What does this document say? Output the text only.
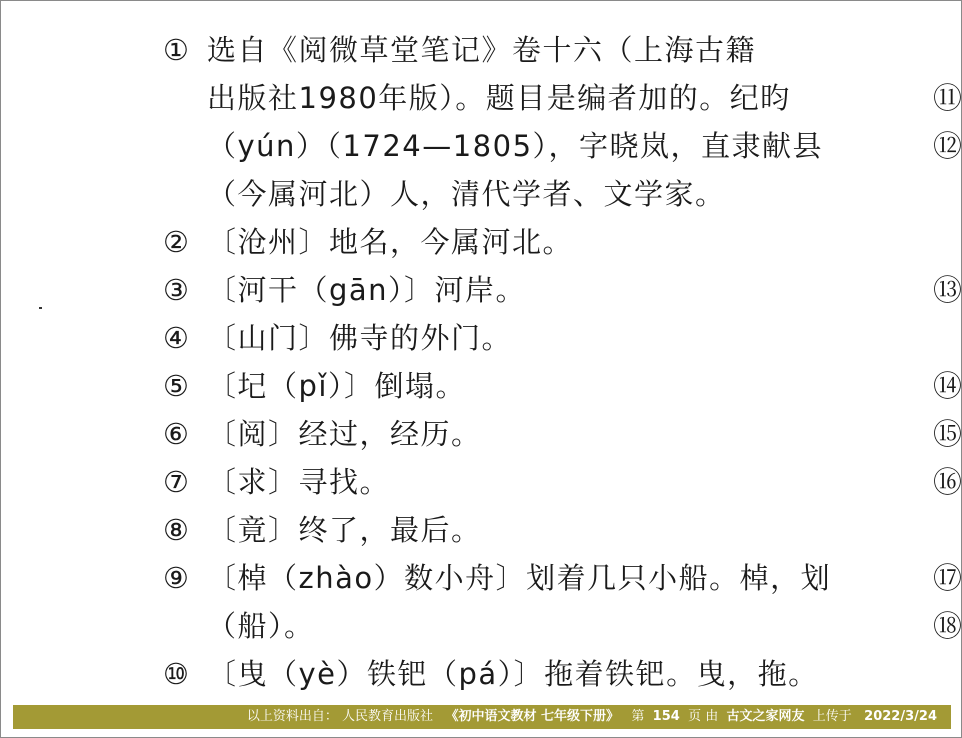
① 选自《阅微草堂笔记》卷十六（上海古籍
出版社1980年版）。题目是编者加的。纪昀
（yún）（1724—1805），字晓岚，直隶献县
（今属河北）人，清代学者、文学家。
② 〔沧州〕地名，今属河北。
③ 〔河干（gān）〕河岸。
④ 〔山门〕佛寺的外门。
⑤ 〔圮（pǐ）〕倒塌。
⑥ 〔阅〕经过，经历。
⑦ 〔求〕寻找。
⑧ 〔竟〕终了，最后。
⑨ 〔棹（zhào）数小舟〕划着几只小船。棹，划
（船）。
⑩ 〔曳（yè）铁钯（pá）〕拖着铁钯。曳，拖。
⑪
⑫
⑬
⑭
⑮
⑯
⑰
⑱
以上资料出自： 人民教育出版社 《初中语文教材 七年级下册》 第 154 页 由 古文之家网友 上传于 2022/3/24
